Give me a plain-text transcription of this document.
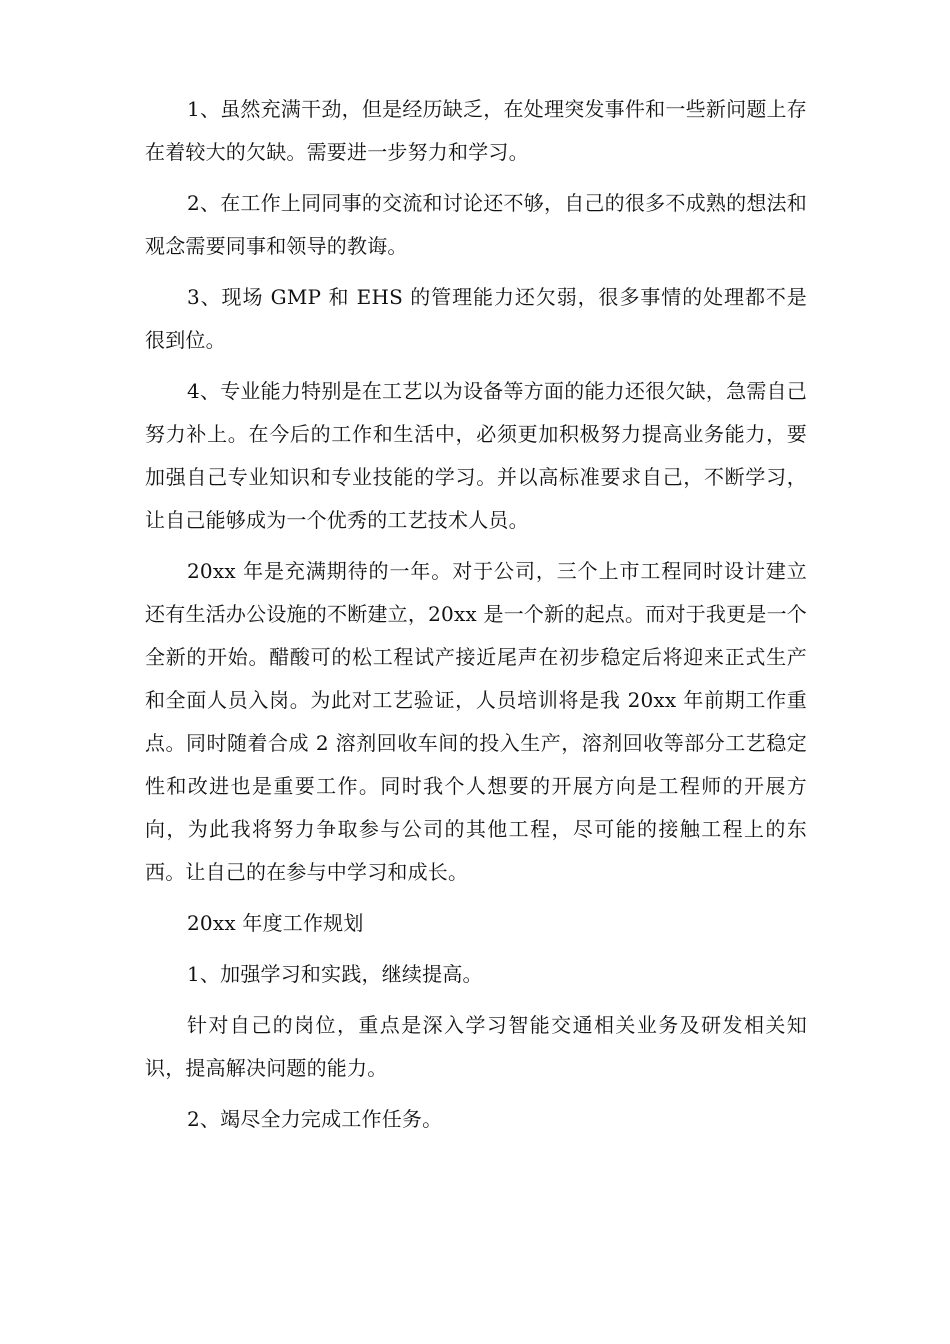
1、虽然充满干劲，但是经历缺乏，在处理突发事件和一些新问题上存在着较大的欠缺。需要进一步努力和学习。

2、在工作上同同事的交流和讨论还不够，自己的很多不成熟的想法和观念需要同事和领导的教诲。

3、现场 GMP 和 EHS 的管理能力还欠弱，很多事情的处理都不是很到位。

4、专业能力特别是在工艺以为设备等方面的能力还很欠缺，急需自己努力补上。在今后的工作和生活中，必须更加积极努力提高业务能力，要加强自己专业知识和专业技能的学习。并以高标准要求自己，不断学习，让自己能够成为一个优秀的工艺技术人员。

20xx 年是充满期待的一年。对于公司，三个上市工程同时设计建立还有生活办公设施的不断建立，20xx 是一个新的起点。而对于我更是一个全新的开始。醋酸可的松工程试产接近尾声在初步稳定后将迎来正式生产和全面人员入岗。为此对工艺验证，人员培训将是我 20xx 年前期工作重点。同时随着合成 2 溶剂回收车间的投入生产，溶剂回收等部分工艺稳定性和改进也是重要工作。同时我个人想要的开展方向是工程师的开展方向，为此我将努力争取参与公司的其他工程，尽可能的接触工程上的东西。让自己的在参与中学习和成长。

20xx 年度工作规划

1、加强学习和实践，继续提高。

针对自己的岗位，重点是深入学习智能交通相关业务及研发相关知识，提高解决问题的能力。

2、竭尽全力完成工作任务。
